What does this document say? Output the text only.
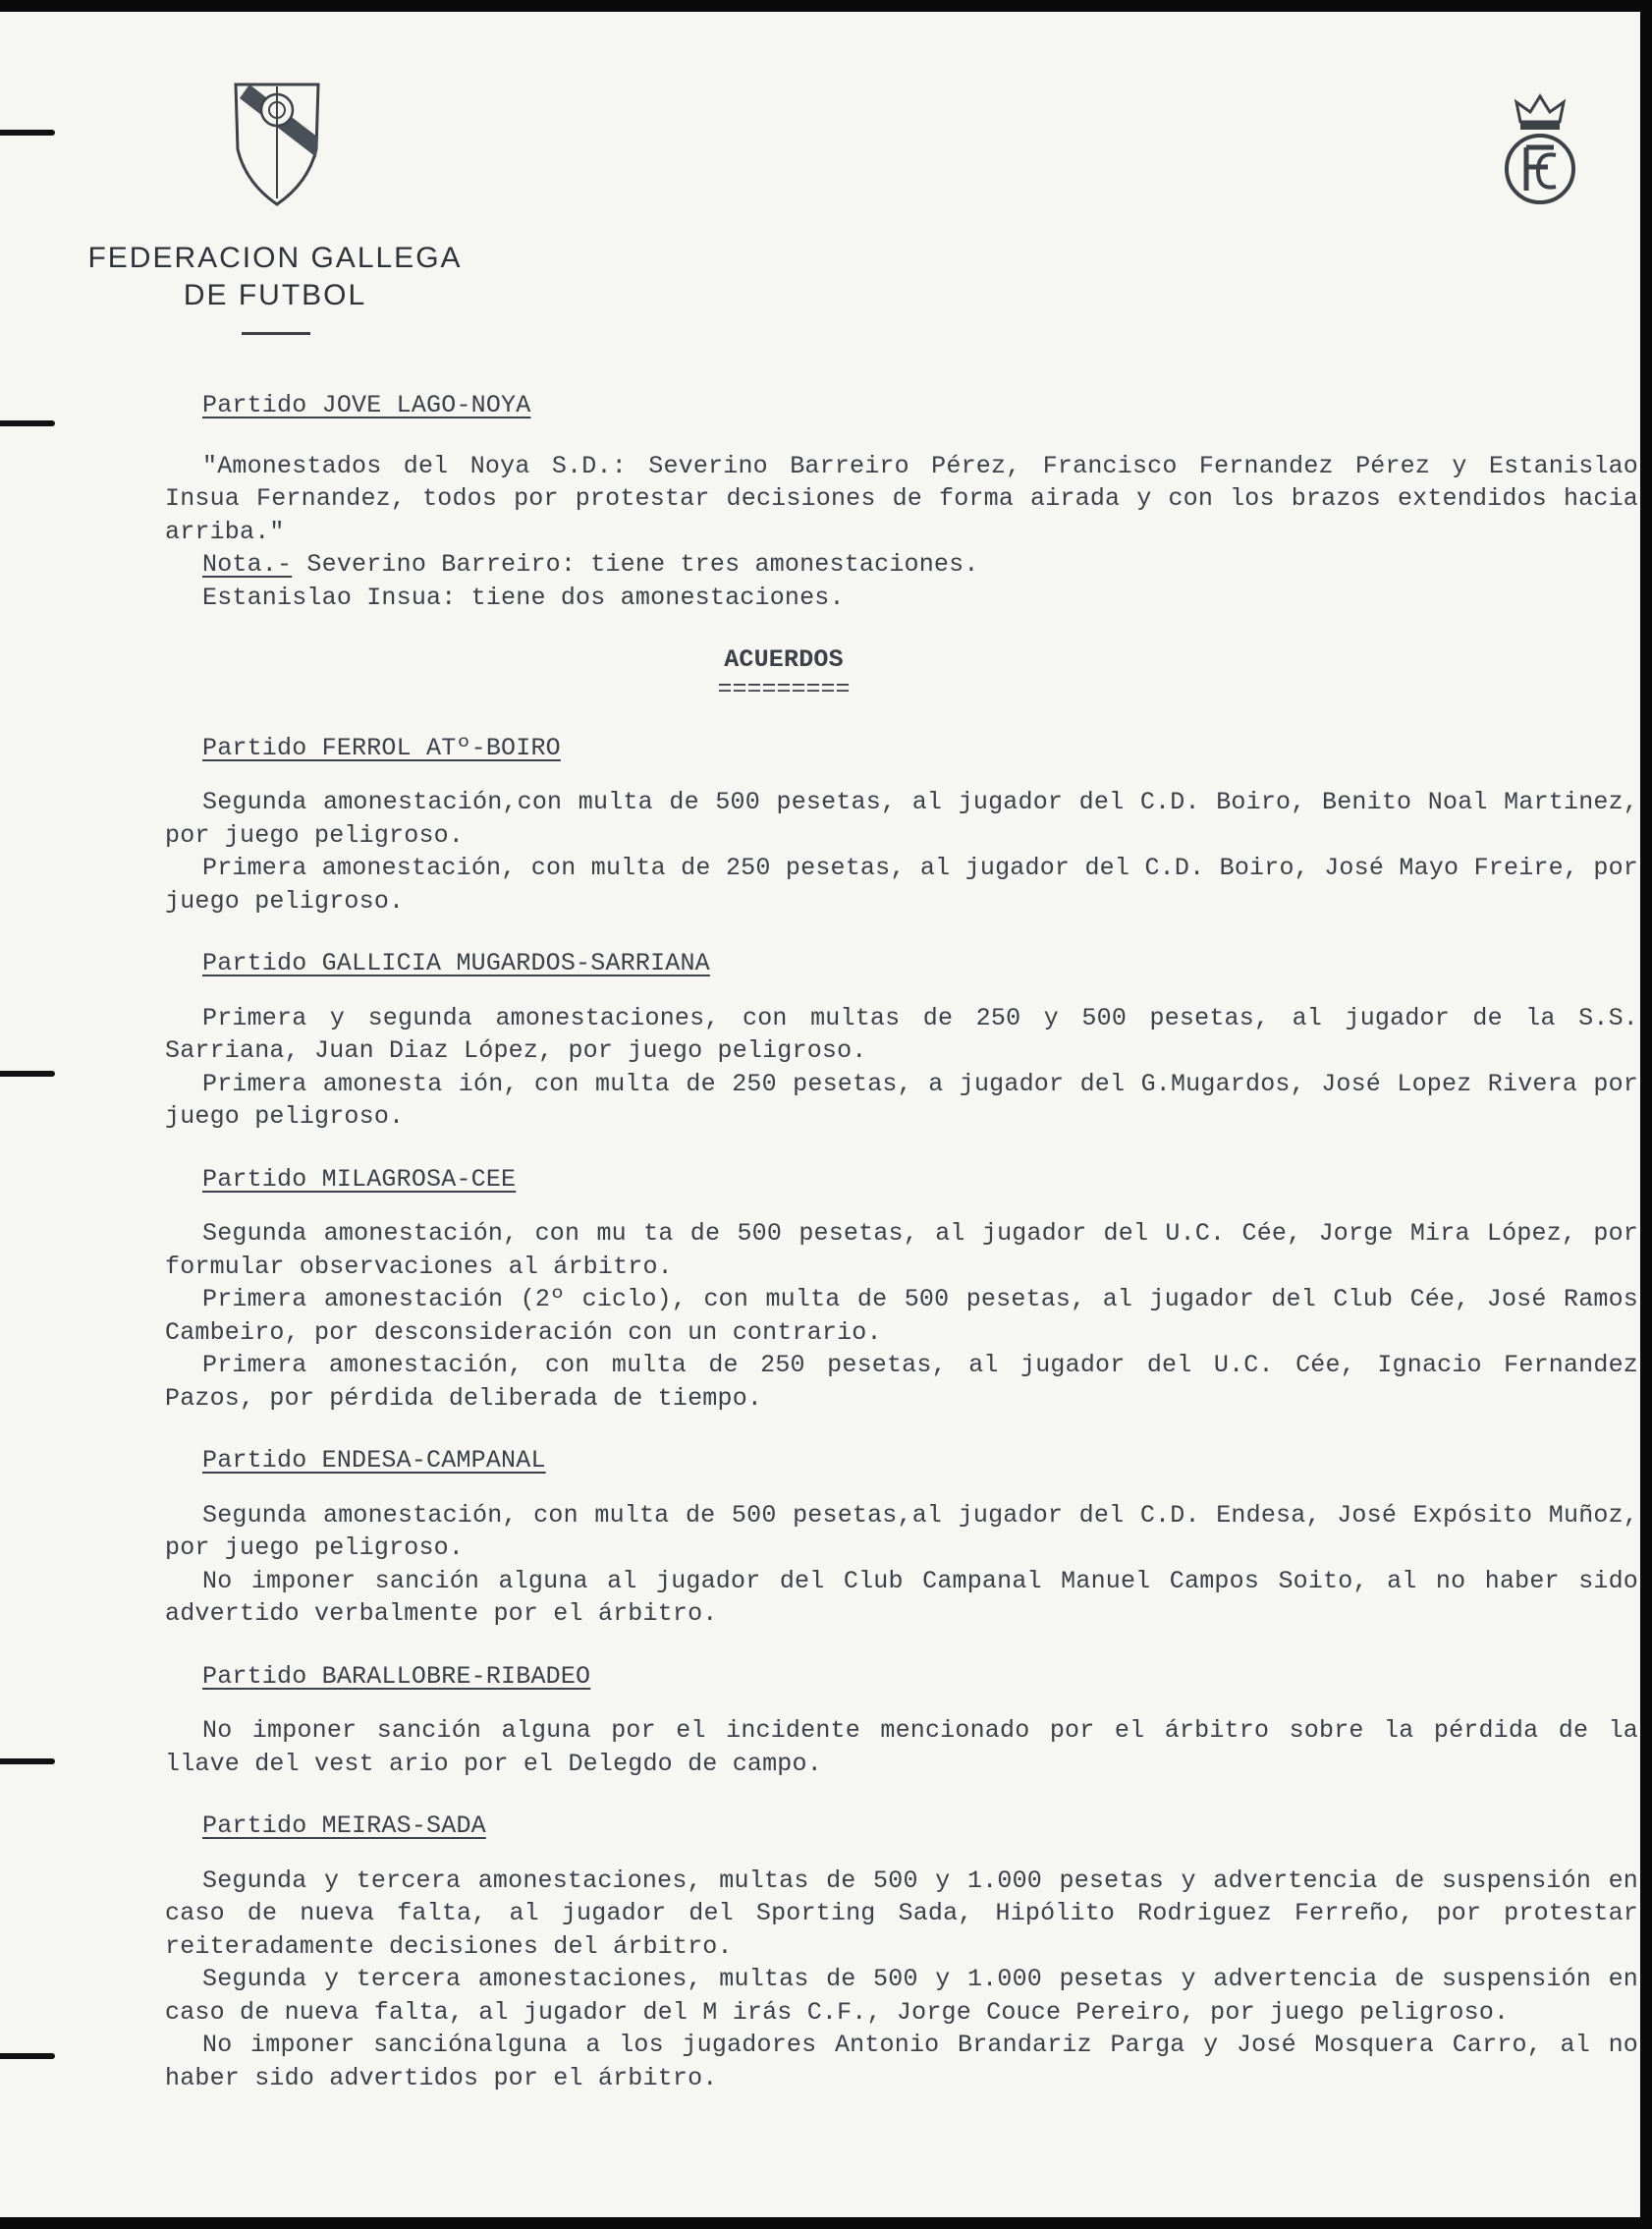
FEDERACION GALLEGA
DE FUTBOL

Partido JOVE LAGO-NOYA

"Amonestados del Noya S.D.: Severino Barreiro Pérez, Francisco Fernandez Pérez y Estanislao Insua Fernandez, todos por protestar decisiones de forma airada y con los brazos extendidos hacia arriba."

Nota.- Severino Barreiro: tiene tres amonestaciones.

Estanislao Insua: tiene dos amonestaciones.

ACUERDOS

=========

Partido FERROL ATº-BOIRO

Segunda amonestación,con multa de 500 pesetas, al jugador del C.D. Boiro, Benito Noal Martinez, por juego peligroso.

Primera amonestación, con multa de 250 pesetas, al jugador del C.D. Boiro, José Mayo Freire, por juego peligroso.

Partido GALLICIA MUGARDOS-SARRIANA

Primera y segunda amonestaciones, con multas de 250 y 500 pesetas, al jugador de la S.S. Sarriana, Juan Diaz López, por juego peligroso.

Primera amonesta ión, con multa de 250 pesetas, a jugador del G.Mugardos, José Lopez Rivera por juego peligroso.

Partido MILAGROSA-CEE

Segunda amonestación, con mu ta de 500 pesetas, al jugador del U.C. Cée, Jorge Mira López, por formular observaciones al árbitro.

Primera amonestación (2º ciclo), con multa de 500 pesetas, al jugador del Club Cée, José Ramos Cambeiro, por desconsideración con un contrario.

Primera amonestación, con multa de 250 pesetas, al jugador del U.C. Cée, Ignacio Fernandez Pazos, por pérdida deliberada de tiempo.

Partido ENDESA-CAMPANAL

Segunda amonestación, con multa de 500 pesetas,al jugador del C.D. Endesa, José Expósito Muñoz, por juego peligroso.

No imponer sanción alguna al jugador del Club Campanal Manuel Campos Soito, al no haber sido advertido verbalmente por el árbitro.

Partido BARALLOBRE-RIBADEO

No imponer sanción alguna por el incidente mencionado por el árbitro sobre la pérdida de la llave del vest ario por el Delegdo de campo.

Partido MEIRAS-SADA

Segunda y tercera amonestaciones, multas de 500 y 1.000 pesetas y advertencia de suspensión en caso de nueva falta, al jugador del Sporting Sada, Hipólito Rodriguez Ferreño, por protestar reiteradamente decisiones del árbitro.

Segunda y tercera amonestaciones, multas de 500 y 1.000 pesetas y advertencia de suspensión en caso de nueva falta, al jugador del M irás C.F., Jorge Couce Pereiro, por juego peligroso.

No imponer sanciónalguna a los jugadores Antonio Brandariz Parga y José Mosquera Carro, al no haber sido advertidos por el árbitro.
